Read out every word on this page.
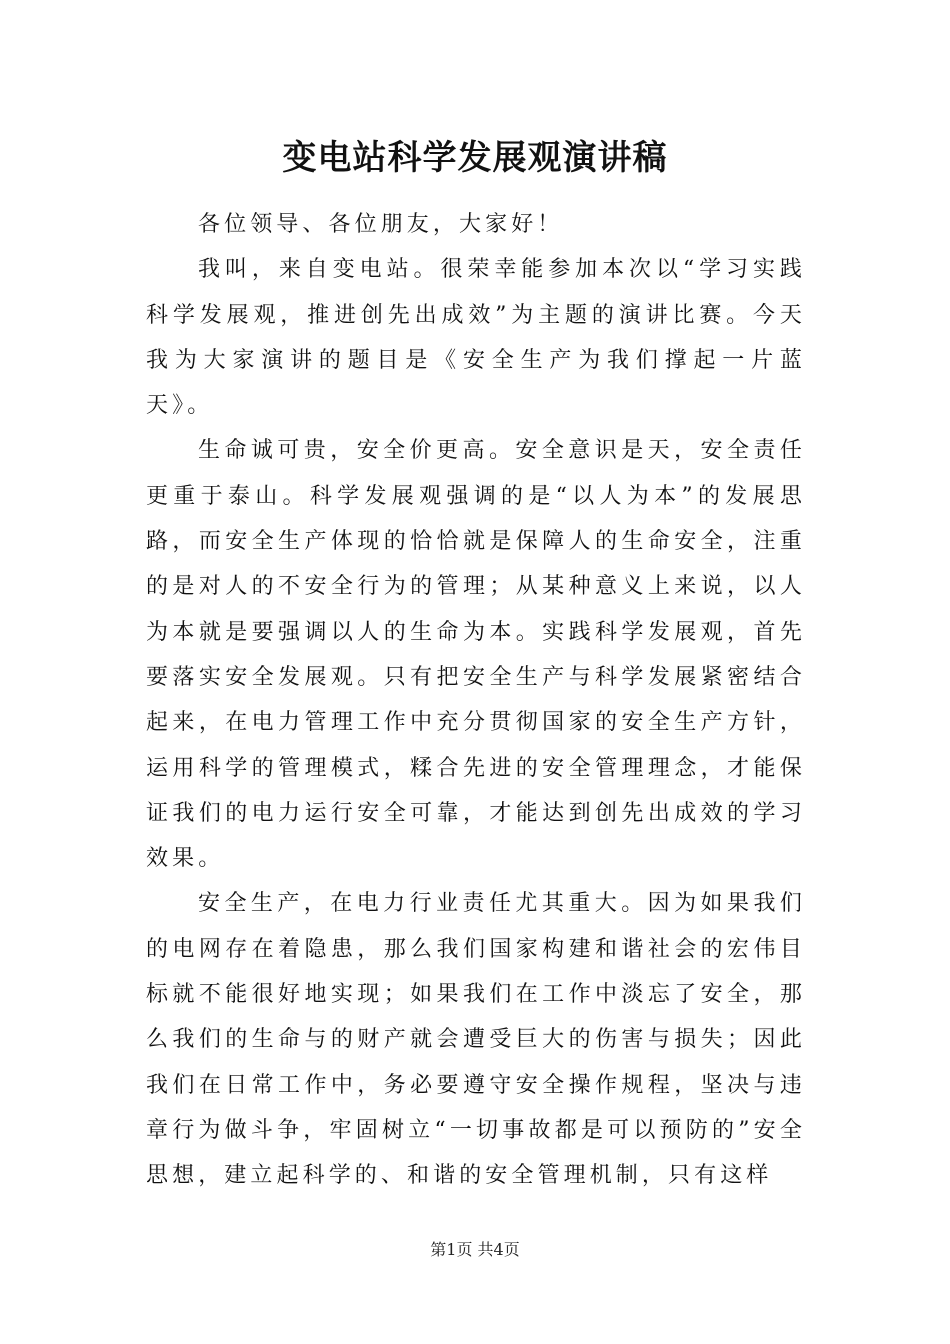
变电站科学发展观演讲稿

各位领导、各位朋友，大家好！

我叫，来自变电站。很荣幸能参加本次以“学习实践科学发展观，推进创先出成效”为主题的演讲比赛。今天我为大家演讲的题目是《安全生产为我们撑起一片蓝天》。

生命诚可贵，安全价更高。安全意识是天，安全责任更重于泰山。科学发展观强调的是“以人为本”的发展思路，而安全生产体现的恰恰就是保障人的生命安全，注重的是对人的不安全行为的管理；从某种意义上来说，以人为本就是要强调以人的生命为本。实践科学发展观，首先要落实安全发展观。只有把安全生产与科学发展紧密结合起来，在电力管理工作中充分贯彻国家的安全生产方针，运用科学的管理模式，糅合先进的安全管理理念，才能保证我们的电力运行安全可靠，才能达到创先出成效的学习效果。

安全生产，在电力行业责任尤其重大。因为如果我们的电网存在着隐患，那么我们国家构建和谐社会的宏伟目标就不能很好地实现；如果我们在工作中淡忘了安全，那么我们的生命与的财产就会遭受巨大的伤害与损失；因此我们在日常工作中，务必要遵守安全操作规程，坚决与违章行为做斗争，牢固树立“一切事故都是可以预防的”安全思想，建立起科学的、和谐的安全管理机制，只有这样

第1页 共4页
